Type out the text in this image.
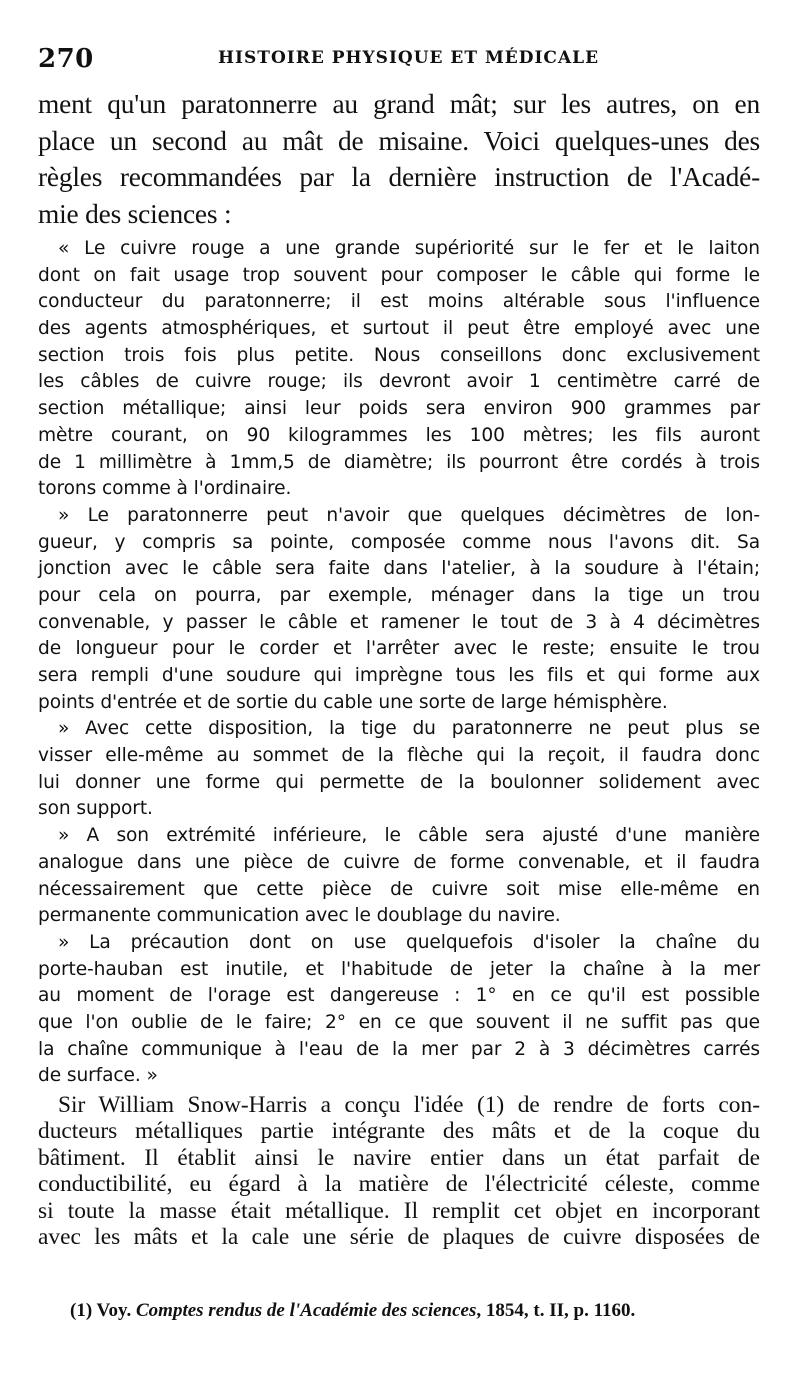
270	HISTOIRE PHYSIQUE ET MÉDICALE
ment qu'un paratonnerre au grand mât; sur les autres, on en
place un second au mât de misaine. Voici quelques-unes des
règles recommandées par la dernière instruction de l'Acadé-
mie des sciences :
« Le cuivre rouge a une grande supériorité sur le fer et le laiton
dont on fait usage trop souvent pour composer le câble qui forme le
conducteur du paratonnerre; il est moins altérable sous l'influence
des agents atmosphériques, et surtout il peut être employé avec une
section trois fois plus petite. Nous conseillons donc exclusivement
les câbles de cuivre rouge; ils devront avoir 1 centimètre carré de
section métallique; ainsi leur poids sera environ 900 grammes par
mètre courant, on 90 kilogrammes les 100 mètres; les fils auront
de 1 millimètre à 1mm,5 de diamètre; ils pourront être cordés à trois
torons comme à l'ordinaire.
» Le paratonnerre peut n'avoir que quelques décimètres de lon-
gueur, y compris sa pointe, composée comme nous l'avons dit. Sa
jonction avec le câble sera faite dans l'atelier, à la soudure à l'étain;
pour cela on pourra, par exemple, ménager dans la tige un trou
convenable, y passer le câble et ramener le tout de 3 à 4 décimètres
de longueur pour le corder et l'arrêter avec le reste; ensuite le trou
sera rempli d'une soudure qui imprègne tous les fils et qui forme aux
points d'entrée et de sortie du cable une sorte de large hémisphère.
» Avec cette disposition, la tige du paratonnerre ne peut plus se
visser elle-même au sommet de la flèche qui la reçoit, il faudra donc
lui donner une forme qui permette de la boulonner solidement avec
son support.
» A son extrémité inférieure, le câble sera ajusté d'une manière
analogue dans une pièce de cuivre de forme convenable, et il faudra
nécessairement que cette pièce de cuivre soit mise elle-même en
permanente communication avec le doublage du navire.
» La précaution dont on use quelquefois d'isoler la chaîne du
porte-hauban est inutile, et l'habitude de jeter la chaîne à la mer
au moment de l'orage est dangereuse : 1° en ce qu'il est possible
que l'on oublie de le faire; 2° en ce que souvent il ne suffit pas que
la chaîne communique à l'eau de la mer par 2 à 3 décimètres carrés
de surface. »
Sir William Snow-Harris a conçu l'idée (1) de rendre de forts con-
ducteurs métalliques partie intégrante des mâts et de la coque du
bâtiment. Il établit ainsi le navire entier dans un état parfait de
conductibilité, eu égard à la matière de l'électricité céleste, comme
si toute la masse était métallique. Il remplit cet objet en incorporant
avec les mâts et la cale une série de plaques de cuivre disposées de
(1) Voy. Comptes rendus de l'Académie des sciences, 1854, t. II, p. 1160.
